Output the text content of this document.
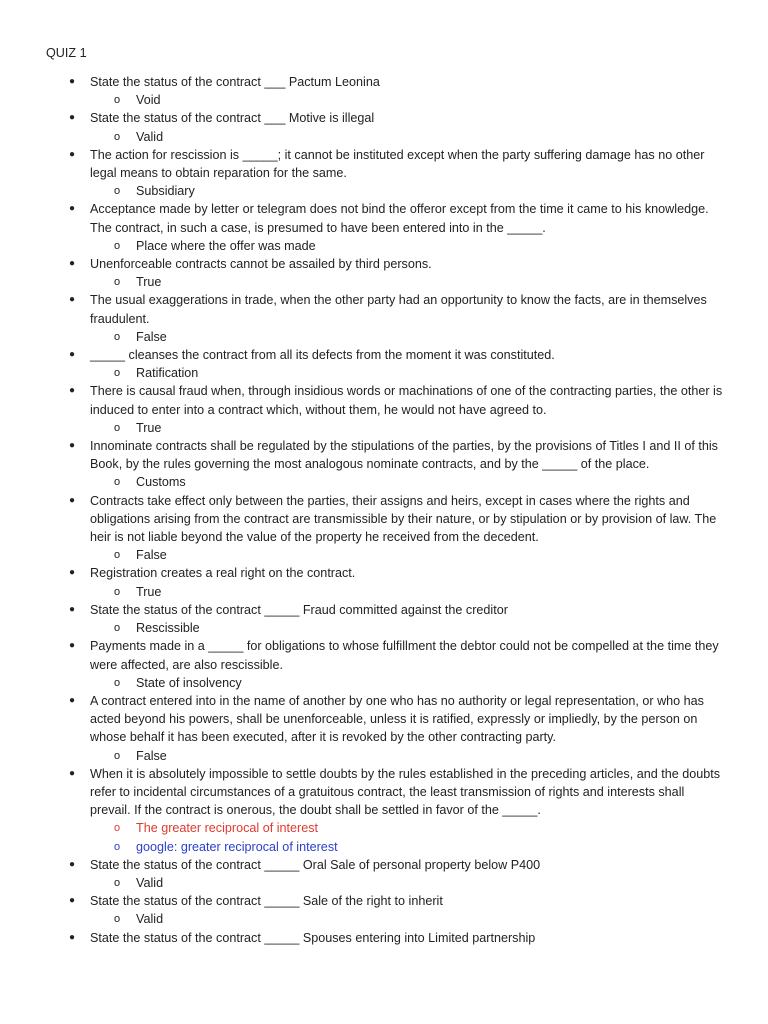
QUIZ 1
● State the status of the contract ___ Pactum Leonina
o Void
● State the status of the contract ___ Motive is illegal
o Valid
● The action for rescission is _____; it cannot be instituted except when the party suffering damage has no other legal means to obtain reparation for the same.
o Subsidiary
● Acceptance made by letter or telegram does not bind the offeror except from the time it came to his knowledge. The contract, in such a case, is presumed to have been entered into in the _____.
o Place where the offer was made
● Unenforceable contracts cannot be assailed by third persons.
o True
● The usual exaggerations in trade, when the other party had an opportunity to know the facts, are in themselves fraudulent.
o False
● _____ cleanses the contract from all its defects from the moment it was constituted.
o Ratification
● There is causal fraud when, through insidious words or machinations of one of the contracting parties, the other is induced to enter into a contract which, without them, he would not have agreed to.
o True
● Innominate contracts shall be regulated by the stipulations of the parties, by the provisions of Titles I and II of this Book, by the rules governing the most analogous nominate contracts, and by the _____ of the place.
o Customs
● Contracts take effect only between the parties, their assigns and heirs, except in cases where the rights and obligations arising from the contract are transmissible by their nature, or by stipulation or by provision of law. The heir is not liable beyond the value of the property he received from the decedent.
o False
● Registration creates a real right on the contract.
o True
● State the status of the contract _____ Fraud committed against the creditor
o Rescissible
● Payments made in a _____ for obligations to whose fulfillment the debtor could not be compelled at the time they were affected, are also rescissible.
o State of insolvency
● A contract entered into in the name of another by one who has no authority or legal representation, or who has acted beyond his powers, shall be unenforceable, unless it is ratified, expressly or impliedly, by the person on whose behalf it has been executed, after it is revoked by the other contracting party.
o False
● When it is absolutely impossible to settle doubts by the rules established in the preceding articles, and the doubts refer to incidental circumstances of a gratuitous contract, the least transmission of rights and interests shall prevail. If the contract is onerous, the doubt shall be settled in favor of the _____.
o The greater reciprocal of interest
o google: greater reciprocal of interest
● State the status of the contract _____ Oral Sale of personal property below P400
o Valid
● State the status of the contract _____ Sale of the right to inherit
o Valid
● State the status of the contract _____ Spouses entering into Limited partnership
